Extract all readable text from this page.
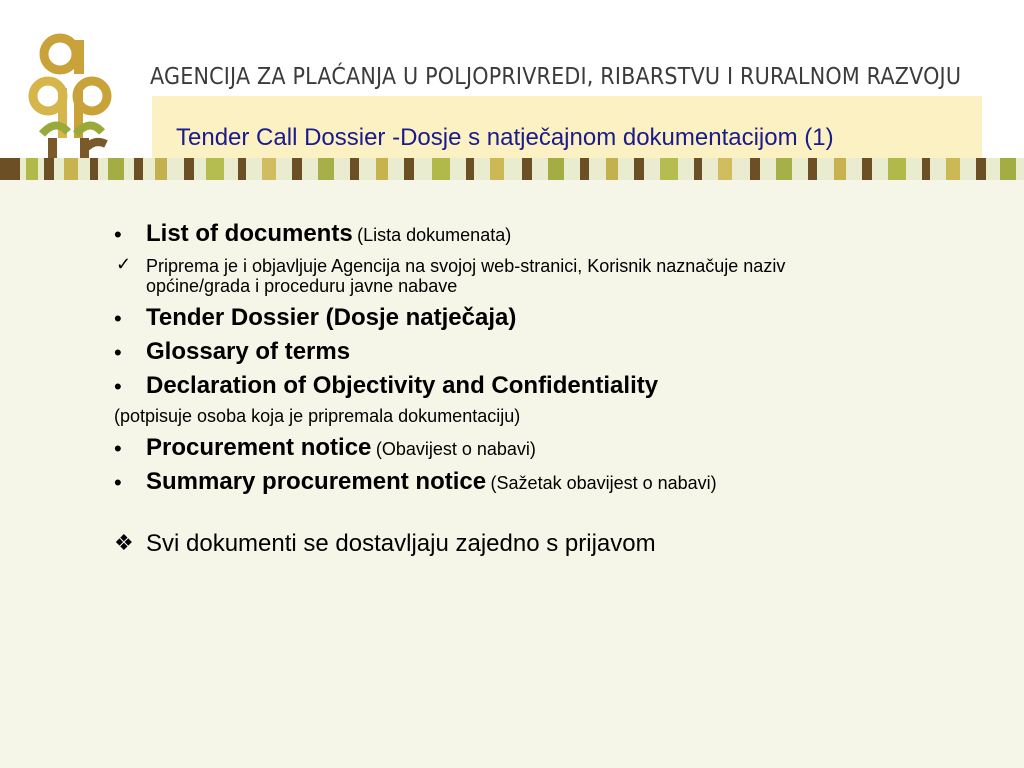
AGENCIJA ZA PLAĆANJA U POLJOPRIVREDI, RIBARSTVU I RURALNOM RAZVOJU
Tender Call Dossier -Dosje s natječajnom dokumentacijom (1)
• List of documents (Lista dokumenata)
✓ Priprema je i objavljuje Agencija na svojoj web-stranici, Korisnik naznačuje naziv
općine/grada i proceduru javne nabave
• Tender Dossier (Dosje natječaja)
• Glossary of terms
• Declaration of Objectivity and Confidentiality
(potpisuje osoba koja je pripremala dokumentaciju)
• Procurement notice (Obavijest o nabavi)
• Summary procurement notice (Sažetak obavijest o nabavi)
❖ Svi dokumenti se dostavljaju zajedno s prijavom
